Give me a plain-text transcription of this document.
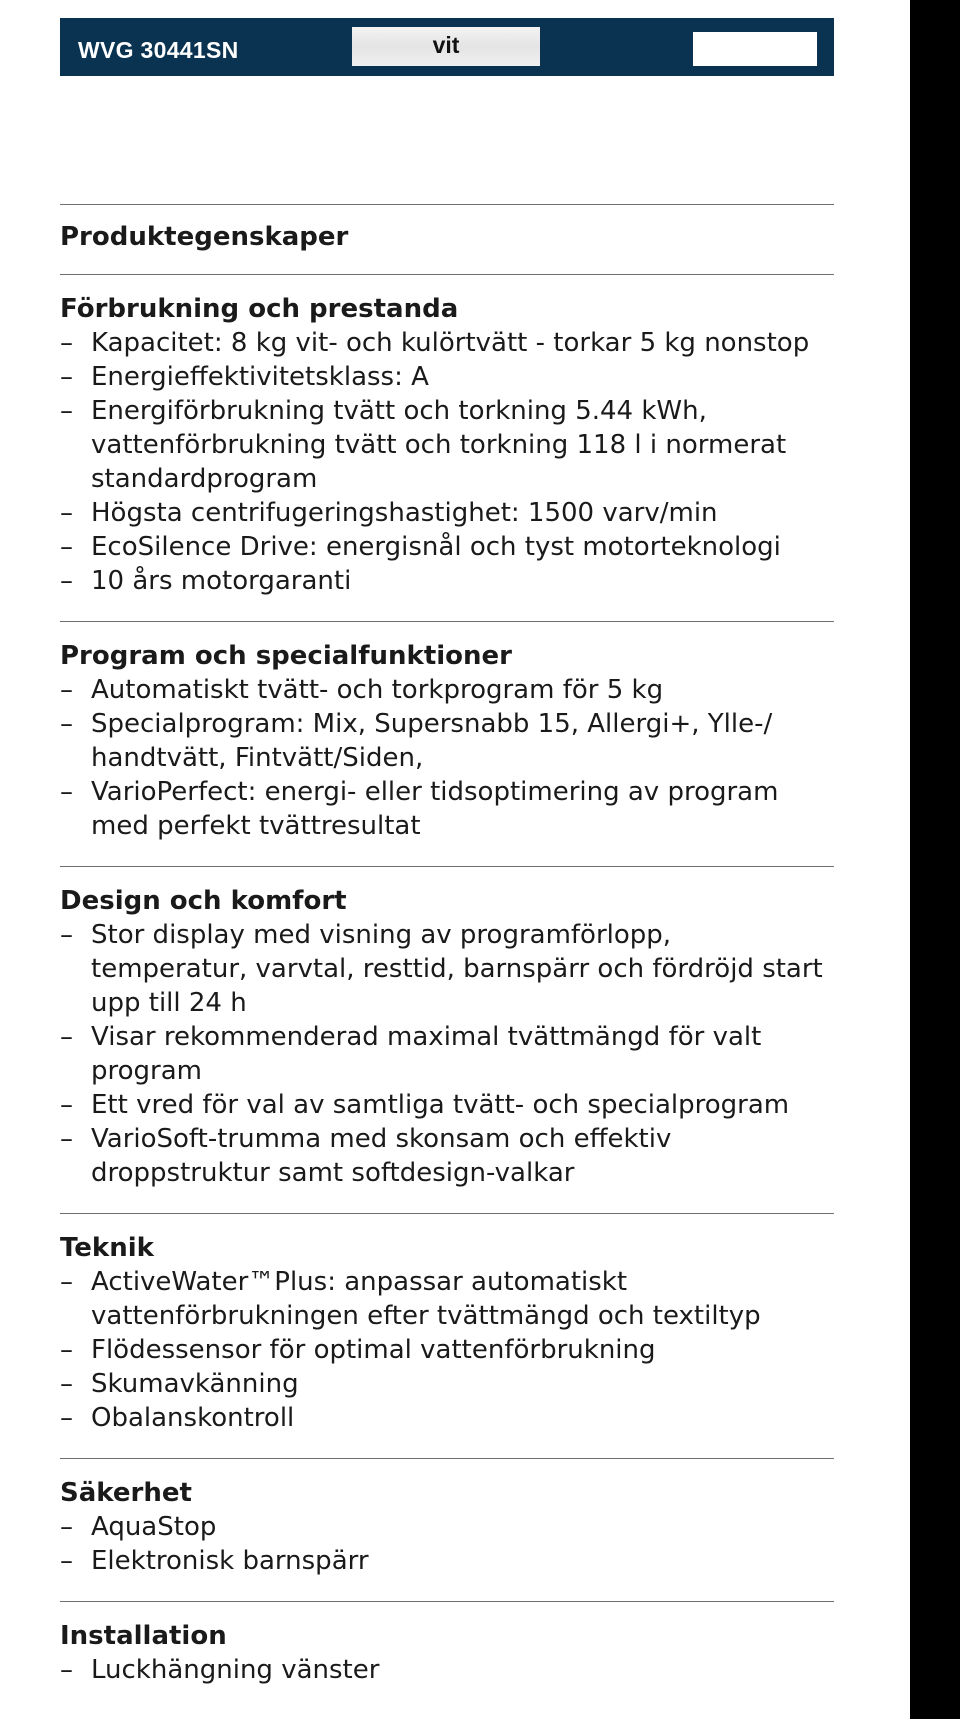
WVG 30441SN	vit
Produktegenskaper
Förbrukning och prestanda
– Kapacitet: 8 kg vit- och kulörtvätt - torkar 5 kg nonstop
– Energieffektivitetsklass: A
– Energiförbrukning tvätt och torkning 5.44 kWh, vattenförbrukning tvätt och torkning 118 l i normerat standardprogram
– Högsta centrifugeringshastighet: 1500 varv/min
– EcoSilence Drive: energisnål och tyst motorteknologi
– 10 års motorgaranti
Program och specialfunktioner
– Automatiskt tvätt- och torkprogram för 5 kg
– Specialprogram: Mix, Supersnabb 15, Allergi+, Ylle-/ handtvätt, Fintvätt/Siden,
– VarioPerfect: energi- eller tidsoptimering av program med perfekt tvättresultat
Design och komfort
– Stor display med visning av programförlopp, temperatur, varvtal, resttid, barnspärr och fördröjd start upp till 24 h
– Visar rekommenderad maximal tvättmängd för valt program
– Ett vred för val av samtliga tvätt- och specialprogram
– VarioSoft-trumma med skonsam och effektiv droppstruktur samt softdesign-valkar
Teknik
– ActiveWater™Plus: anpassar automatiskt vattenförbrukningen efter tvättmängd och textiltyp
– Flödessensor för optimal vattenförbrukning
– Skumavkänning
– Obalanskontroll
Säkerhet
– AquaStop
– Elektronisk barnspärr
Installation
– Luckhängning vänster
